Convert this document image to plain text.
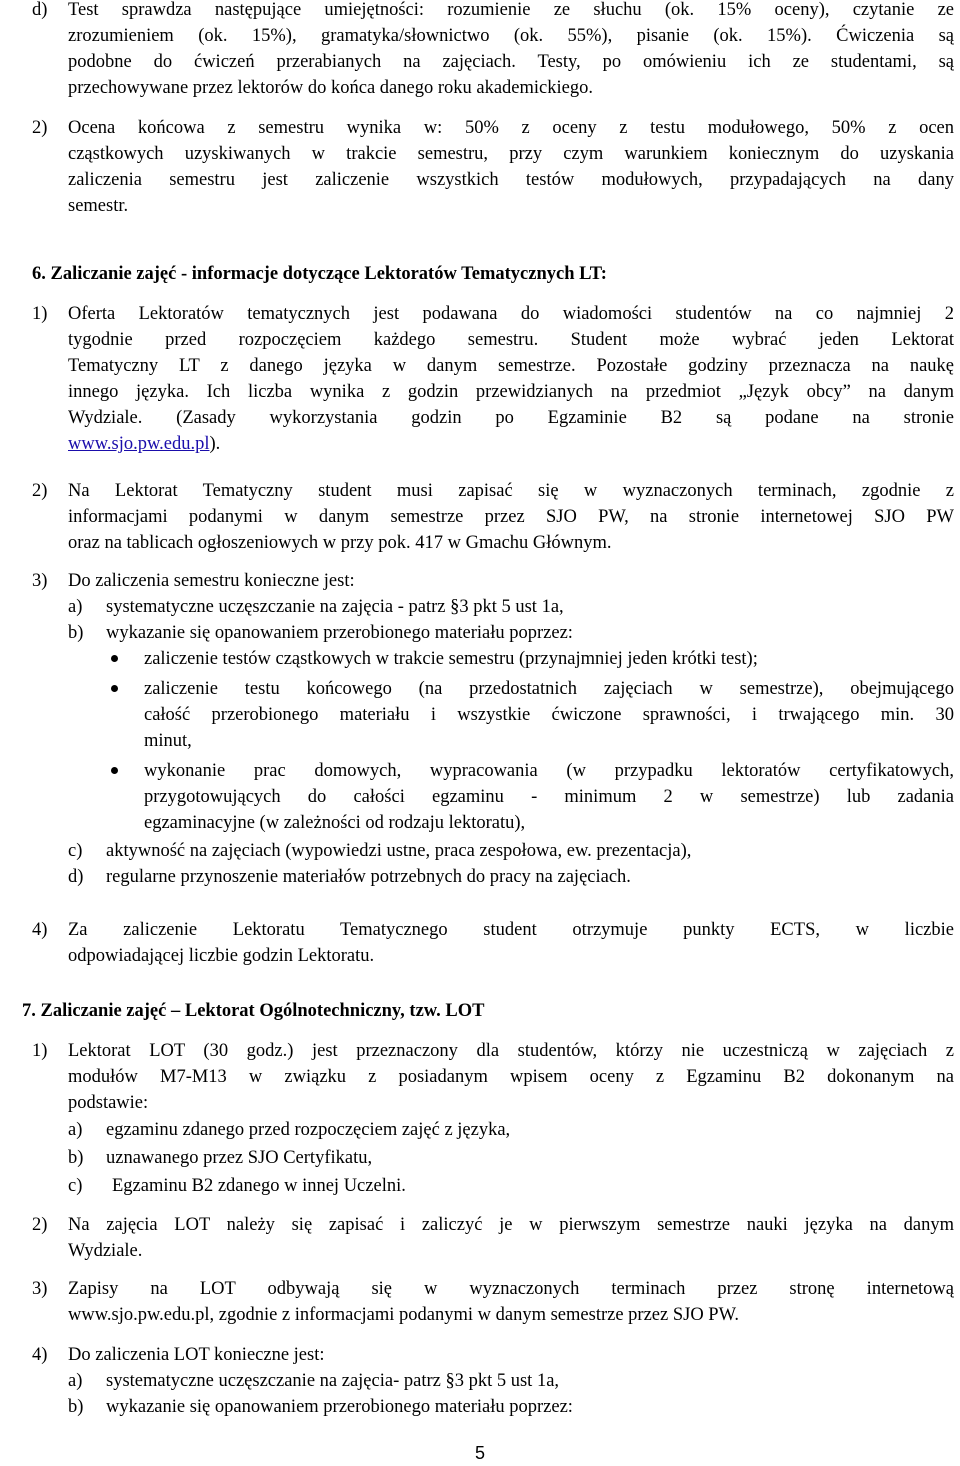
d) Test sprawdza następujące umiejętności: rozumienie ze słuchu (ok. 15% oceny), czytanie ze
zrozumieniem (ok. 15%), gramatyka/słownictwo (ok. 55%), pisanie (ok. 15%). Ćwiczenia są
podobne do ćwiczeń przerabianych na zajęciach. Testy, po omówieniu ich ze studentami, są
przechowywane przez lektorów do końca danego roku akademickiego.
2) Ocena końcowa z semestru wynika w: 50% z oceny z testu modułowego, 50% z ocen
cząstkowych uzyskiwanych w trakcie semestru, przy czym warunkiem koniecznym do uzyskania
zaliczenia semestru jest zaliczenie wszystkich testów modułowych, przypadających na dany
semestr.
6. Zaliczanie zajęć - informacje dotyczące Lektoratów Tematycznych LT:
1) Oferta Lektoratów tematycznych jest podawana do wiadomości studentów na co najmniej 2
tygodnie przed rozpoczęciem każdego semestru. Student może wybrać jeden Lektorat
Tematyczny LT z danego języka w danym semestrze. Pozostałe godziny przeznacza na naukę
innego języka. Ich liczba wynika z godzin przewidzianych na przedmiot „Język obcy” na danym
Wydziale. (Zasady wykorzystania godzin po Egzaminie B2 są podane na stronie
www.sjo.pw.edu.pl).
2) Na Lektorat Tematyczny student musi zapisać się w wyznaczonych terminach, zgodnie z
informacjami podanymi w danym semestrze przez SJO PW, na stronie internetowej SJO PW
oraz na tablicach ogłoszeniowych w przy pok. 417 w Gmachu Głównym.
3) Do zaliczenia semestru konieczne jest:
a) systematyczne uczęszczanie na zajęcia - patrz §3 pkt 5 ust 1a,
b) wykazanie się opanowaniem przerobionego materiału poprzez:
zaliczenie testów cząstkowych w trakcie semestru (przynajmniej jeden krótki test);
zaliczenie testu końcowego (na przedostatnich zajęciach w semestrze), obejmującego
całość przerobionego materiału i wszystkie ćwiczone sprawności, i trwającego min. 30
minut,
wykonanie prac domowych, wypracowania (w przypadku lektoratów certyfikatowych,
przygotowujących do całości egzaminu - minimum 2 w semestrze) lub zadania
egzaminacyjne (w zależności od rodzaju lektoratu),
c) aktywność na zajęciach (wypowiedzi ustne, praca zespołowa, ew. prezentacja),
d) regularne przynoszenie materiałów potrzebnych do pracy na zajęciach.
4) Za zaliczenie Lektoratu Tematycznego student otrzymuje punkty ECTS, w liczbie
odpowiadającej liczbie godzin Lektoratu.
7. Zaliczanie zajęć – Lektorat Ogólnotechniczny, tzw. LOT
1) Lektorat LOT (30 godz.) jest przeznaczony dla studentów, którzy nie uczestniczą w zajęciach z
modułów M7-M13 w związku z posiadanym wpisem oceny z Egzaminu B2 dokonanym na
podstawie:
a) egzaminu zdanego przed rozpoczęciem zajęć z języka,
b) uznawanego przez SJO Certyfikatu,
c) Egzaminu B2 zdanego w innej Uczelni.
2) Na zajęcia LOT należy się zapisać i zaliczyć je w pierwszym semestrze nauki języka na danym
Wydziale.
3) Zapisy na LOT odbywają się w wyznaczonych terminach przez stronę internetową
www.sjo.pw.edu.pl, zgodnie z informacjami podanymi w danym semestrze przez SJO PW.
4) Do zaliczenia LOT konieczne jest:
a) systematyczne uczęszczanie na zajęcia- patrz §3 pkt 5 ust 1a,
b) wykazanie się opanowaniem przerobionego materiału poprzez:
5
